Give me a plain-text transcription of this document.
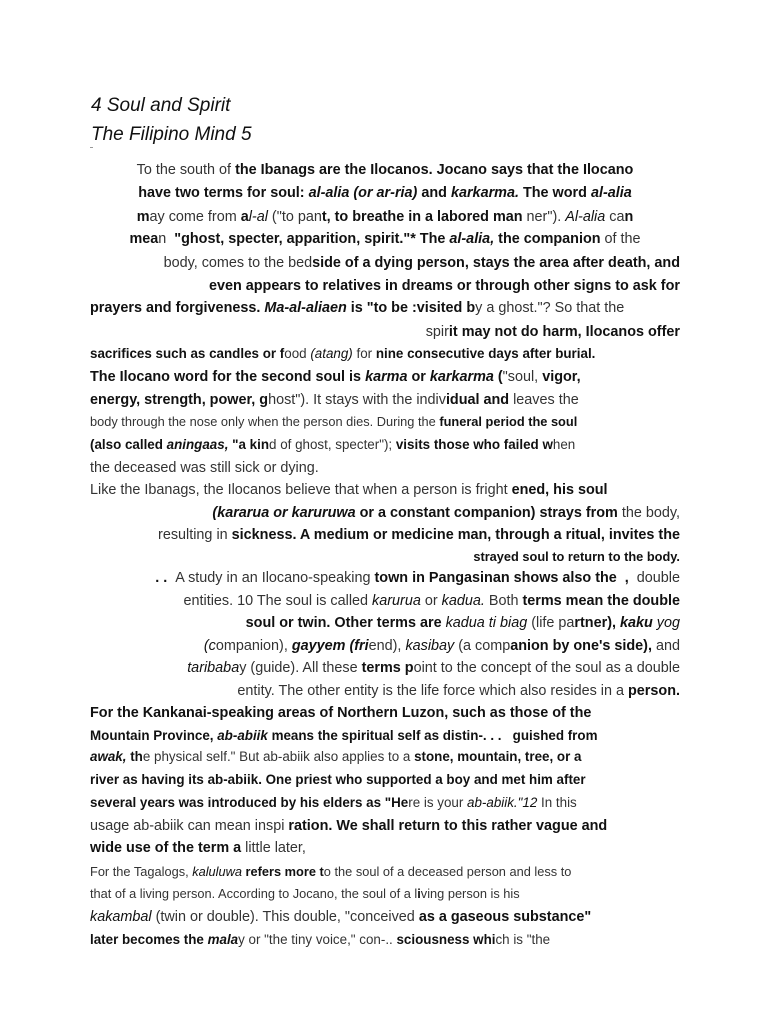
4 Soul and Spirit
The Filipino Mind 5
To the south of the Ibanags are the Ilocanos. Jocano says that the Ilocano
have two terms for soul: al-alia (or ar-ria) and karkarma. The word al-alia
may come from al-al ("to pant, to breathe in a labored man ner"). Al-alia can
mean  "ghost, specter, apparition, spirit."* The al-alia, the companion of the
body, comes to the bedside of a dying person, stays the area after death, and
even appears to relatives in dreams or through other signs to ask for
prayers and forgiveness. Ma-al-aliaen is "to be :visited by a ghost."? So that the
spirit may not do harm, Ilocanos offer
sacrifices such as candles or food (atang) for nine consecutive days after burial.
The Ilocano word for the second soul is karma or karkarma ("soul, vigor,
energy, strength, power, ghost"). It stays with the individual and leaves the
body through the nose only when the person dies. During the funeral period the soul
(also called aningaas, "a kind of ghost, specter"); visits those who failed when
the deceased was still sick or dying.
Like the Ibanags, the Ilocanos believe that when a person is fright ened, his soul
(kararua or karuruwa or a constant companion) strays from the body,
resulting in sickness. A medium or medicine man, through a ritual, invites the
strayed soul to return to the body.
. .  A study in an Ilocano-speaking town in Pangasinan shows also the  ,  double
entities. 10 The soul is called karurua or kadua. Both terms mean the double
soul or twin. Other terms are kadua ti biag (life partner), kaku yog
(companion), gayyem (friend), kasibay (a companion by one's side), and
taribabay (guide). All these terms point to the concept of the soul as a double
entity. The other entity is the life force which also resides in a person.
For the Kankanai-speaking areas of Northern Luzon, such as those of the
Mountain Province, ab-abiik means the spiritual self as distin-. . .   guished from
awak, the physical self." But ab-abiik also applies to a stone, mountain, tree, or a
river as having its ab-abiik. One priest who supported a boy and met him after
several years was introduced by his elders as "Here is your ab-abiik."12 In this
usage ab-abiik can mean inspi ration. We shall return to this rather vague and
wide use of the term a little later,
For the Tagalogs, kaluluwa refers more to the soul of a deceased person and less to
that of a living person. According to Jocano, the soul of a living person is his
kakambal (twin or double). This double, "conceived as a gaseous substance"
later becomes the malay or "the tiny voice," con-.. sciousness which is "the
